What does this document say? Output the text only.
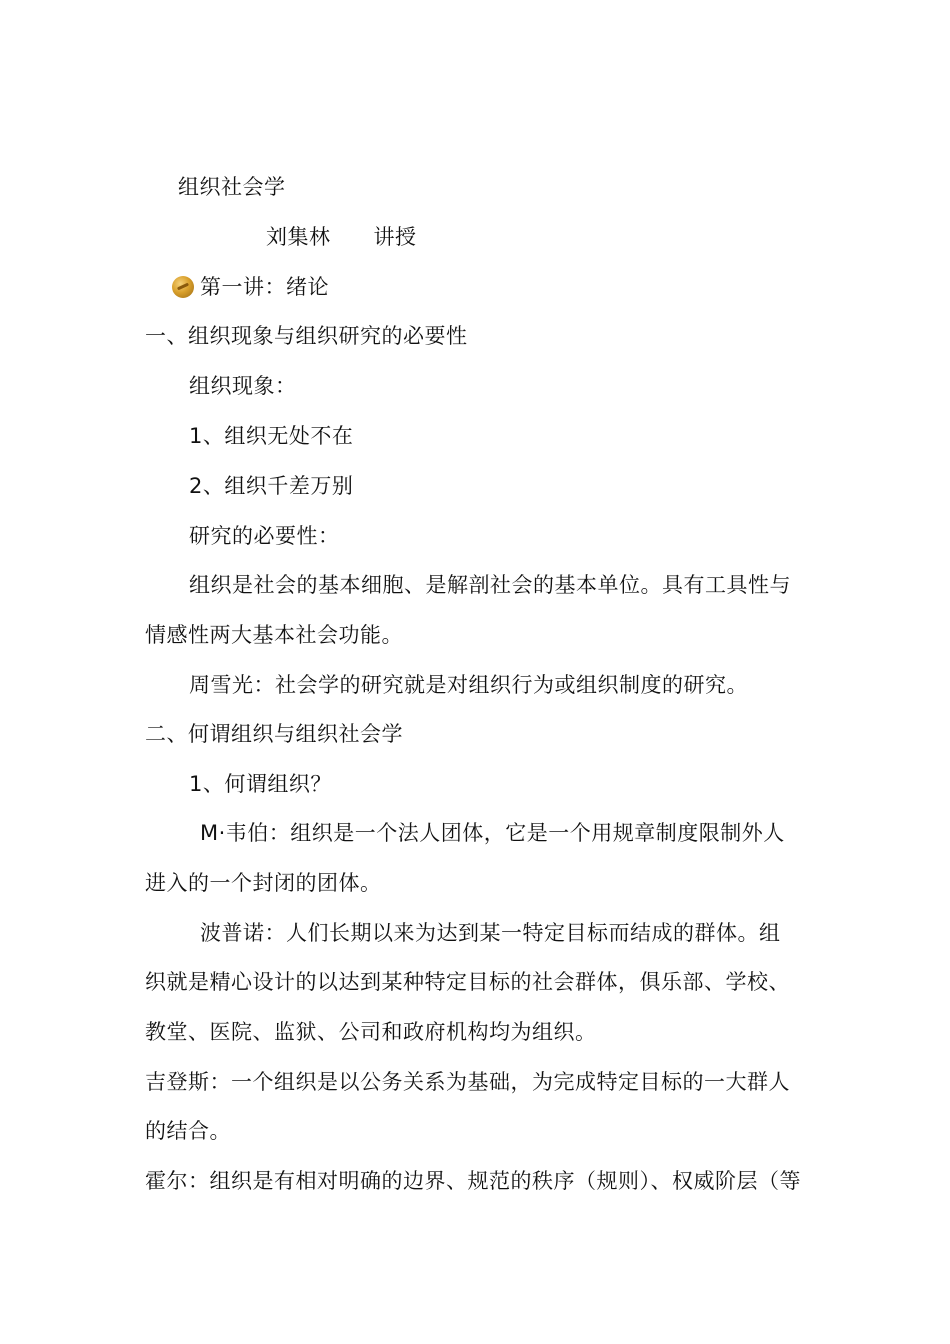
组织社会学
刘集林　　讲授
第一讲：绪论
一、组织现象与组织研究的必要性
组织现象：
1、组织无处不在
2、组织千差万别
研究的必要性：
组织是社会的基本细胞、是解剖社会的基本单位。具有工具性与
情感性两大基本社会功能。
周雪光：社会学的研究就是对组织行为或组织制度的研究。
二、何谓组织与组织社会学
1、何谓组织？
M·韦伯：组织是一个法人团体，它是一个用规章制度限制外人
进入的一个封闭的团体。
波普诺：人们长期以来为达到某一特定目标而结成的群体。组
织就是精心设计的以达到某种特定目标的社会群体，俱乐部、学校、
教堂、医院、监狱、公司和政府机构均为组织。
吉登斯：一个组织是以公务关系为基础，为完成特定目标的一大群人
的结合。
霍尔：组织是有相对明确的边界、规范的秩序（规则）、权威阶层（等
